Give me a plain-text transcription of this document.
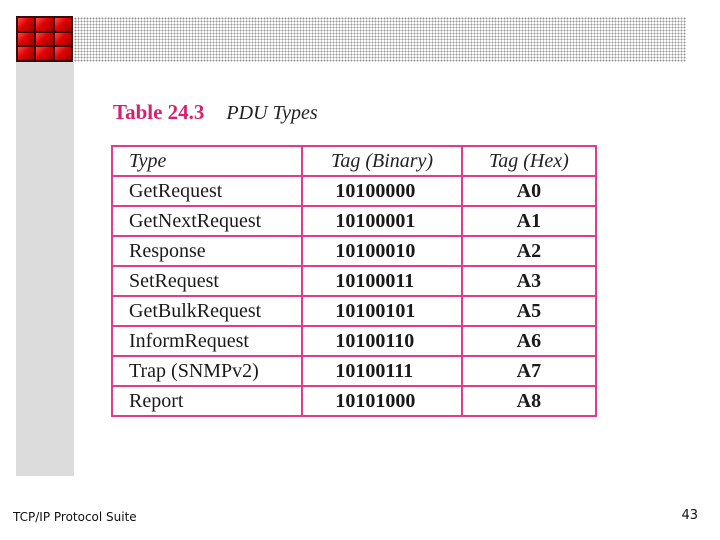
Table 24.3 PDU Types
Type	Tag (Binary)	Tag (Hex)
GetRequest	10100000	A0
GetNextRequest	10100001	A1
Response	10100010	A2
SetRequest	10100011	A3
GetBulkRequest	10100101	A5
InformRequest	10100110	A6
Trap (SNMPv2)	10100111	A7
Report	10101000	A8
TCP/IP Protocol Suite	43
